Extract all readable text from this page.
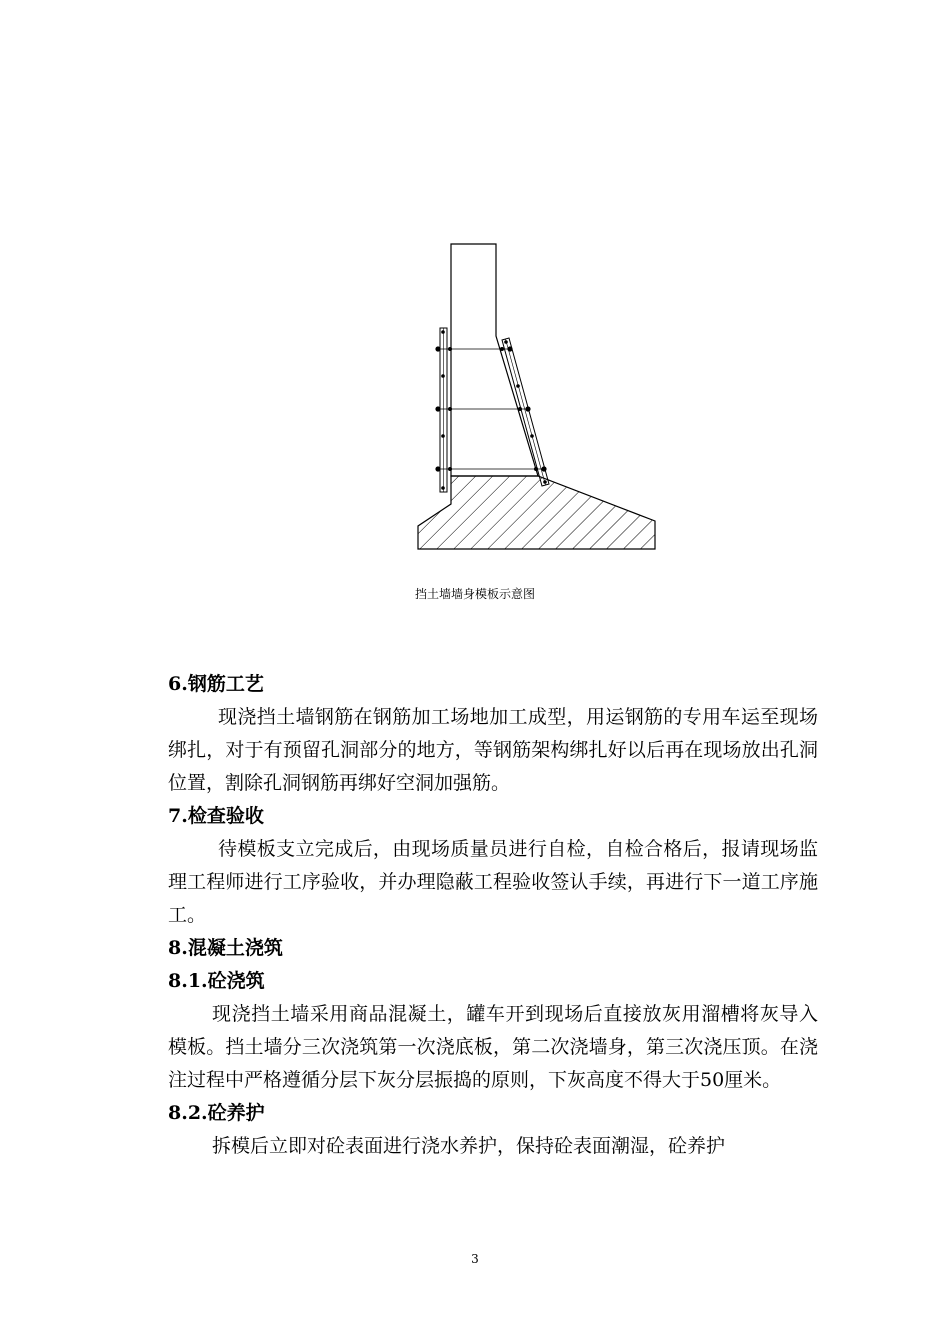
挡土墙墙身模板示意图

6.钢筋工艺

现浇挡土墙钢筋在钢筋加工场地加工成型，用运钢筋的专用车运至现场绑扎，对于有预留孔洞部分的地方，等钢筋架构绑扎好以后再在现场放出孔洞位置，割除孔洞钢筋再绑好空洞加强筋。

7.检查验收

待模板支立完成后，由现场质量员进行自检，自检合格后，报请现场监理工程师进行工序验收，并办理隐蔽工程验收签认手续，再进行下一道工序施工。

8.混凝土浇筑

8.1.砼浇筑

现浇挡土墙采用商品混凝土，罐车开到现场后直接放灰用溜槽将灰导入模板。挡土墙分三次浇筑第一次浇底板，第二次浇墙身，第三次浇压顶。在浇注过程中严格遵循分层下灰分层振捣的原则，下灰高度不得大于50厘米。

8.2.砼养护

拆模后立即对砼表面进行浇水养护，保持砼表面潮湿，砼养护

3
